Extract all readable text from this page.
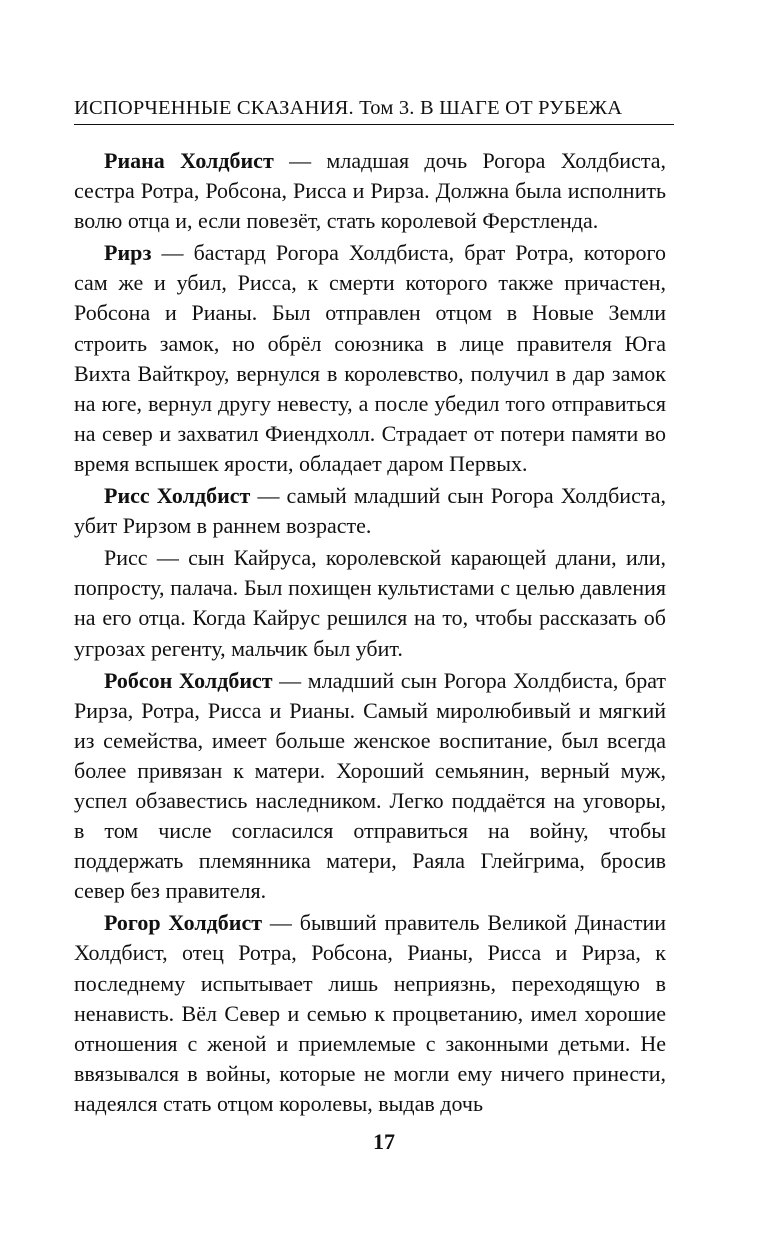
ИСПОРЧЕННЫЕ СКАЗАНИЯ. Том 3. В ШАГЕ ОТ РУБЕЖА

Риана Холдбист — младшая дочь Рогора Холдбиста, сестра Ротра, Робсона, Рисса и Рирза. Должна была исполнить волю отца и, если повезёт, стать королевой Ферстленда.

Рирз — бастард Рогора Холдбиста, брат Ротра, которого сам же и убил, Рисса, к смерти которого также причастен, Робсона и Рианы. Был отправлен отцом в Новые Земли строить замок, но обрёл союзника в лице правителя Юга Вихта Вайткроу, вернулся в королевство, получил в дар замок на юге, вернул другу невесту, а после убедил того отправиться на север и захватил Фиендхолл. Страдает от потери памяти во время вспышек ярости, обладает даром Первых.

Рисс Холдбист — самый младший сын Рогора Холдбиста, убит Рирзом в раннем возрасте.

Рисс — сын Кайруса, королевской карающей длани, или, попросту, палача. Был похищен культистами с целью давления на его отца. Когда Кайрус решился на то, чтобы рассказать об угрозах регенту, мальчик был убит.

Робсон Холдбист — младший сын Рогора Холдбиста, брат Рирза, Ротра, Рисса и Рианы. Самый миролюбивый и мягкий из семейства, имеет больше женское воспитание, был всегда более привязан к матери. Хороший семьянин, верный муж, успел обзавестись наследником. Легко поддаётся на уговоры, в том числе согласился отправиться на войну, чтобы поддержать племянника матери, Раяла Глейгрима, бросив север без правителя.

Рогор Холдбист — бывший правитель Великой Династии Холдбист, отец Ротра, Робсона, Рианы, Рисса и Рирза, к последнему испытывает лишь неприязнь, переходящую в ненависть. Вёл Север и семью к процветанию, имел хорошие отношения с женой и приемлемые с законными детьми. Не ввязывался в войны, которые не могли ему ничего принести, надеялся стать отцом королевы, выдав дочь

17
